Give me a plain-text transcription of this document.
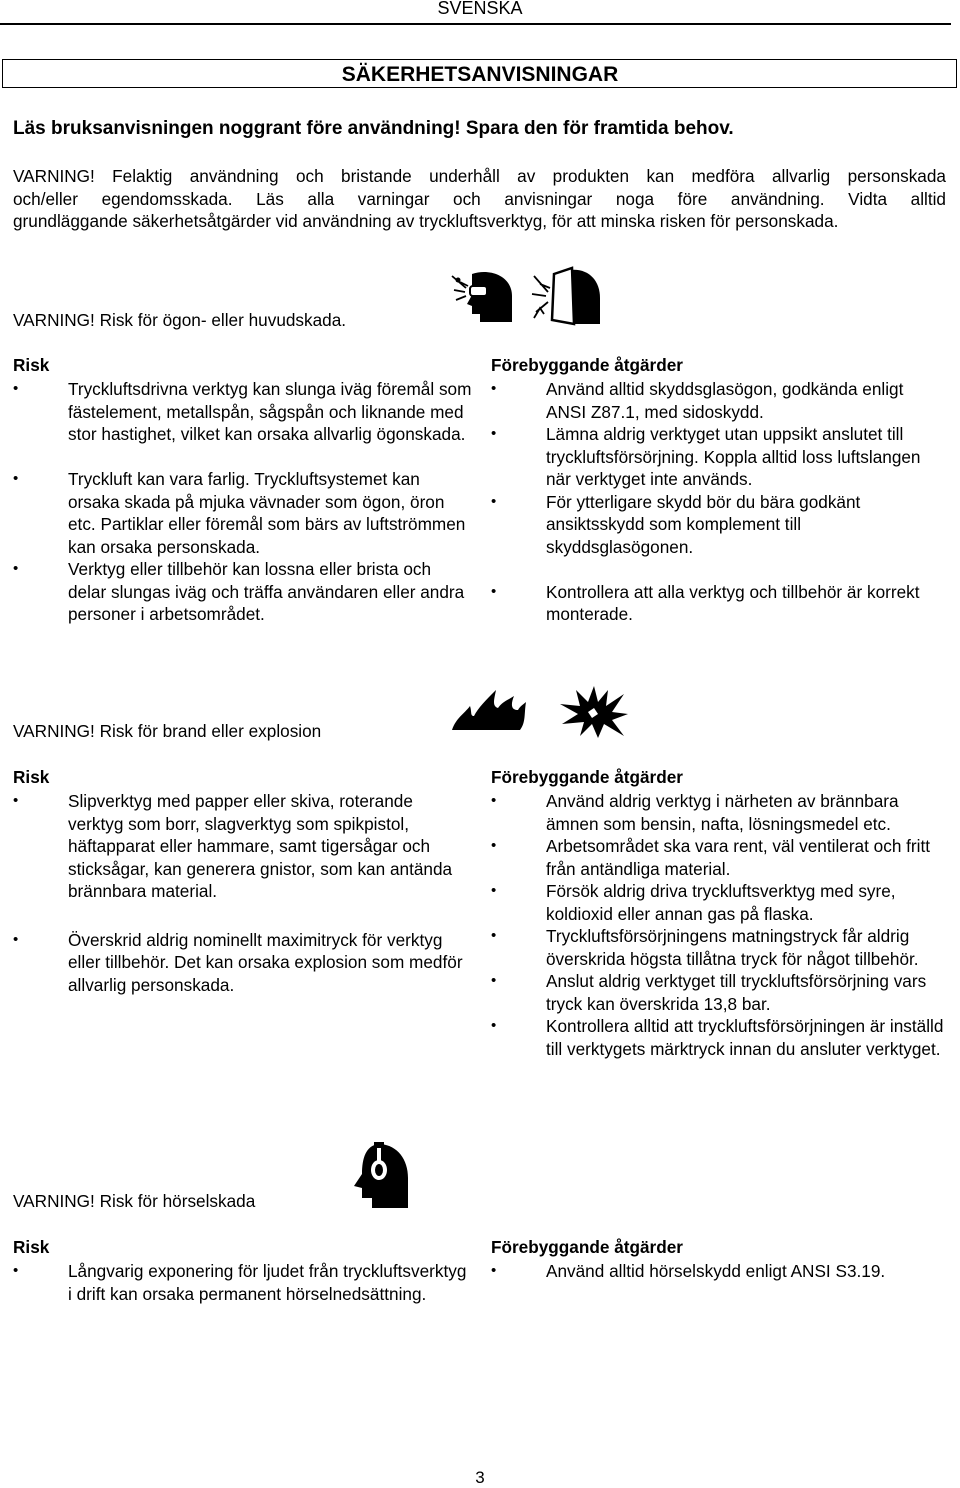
SVENSKA
SÄKERHETSANVISNINGAR
Läs bruksanvisningen noggrant före användning! Spara den för framtida behov.
VARNING! Felaktig användning och bristande underhåll av produkten kan medföra allvarlig personskada
och/eller egendomsskada. Läs alla varningar och anvisningar noga före användning. Vidta alltid
grundläggande säkerhetsåtgärder vid användning av tryckluftsverktyg, för att minska risken för personskada.
VARNING! Risk för ögon- eller huvudskada.
Risk	Förebyggande åtgärder
• Tryckluftsdrivna verktyg kan slunga iväg föremål som fästelement, metallspån, sågspån och liknande med stor hastighet, vilket kan orsaka allvarlig ögonskada.
• Tryckluft kan vara farlig. Tryckluftsystemet kan orsaka skada på mjuka vävnader som ögon, öron etc. Partiklar eller föremål som bärs av luftströmmen kan orsaka personskada.
• Verktyg eller tillbehör kan lossna eller brista och delar slungas iväg och träffa användaren eller andra personer i arbetsområdet.
• Använd alltid skyddsglasögon, godkända enligt ANSI Z87.1, med sidoskydd.
• Lämna aldrig verktyget utan uppsikt anslutet till tryckluftsförsörjning. Koppla alltid loss luftslangen när verktyget inte används.
• För ytterligare skydd bör du bära godkänt ansiktsskydd som komplement till skyddsglasögonen.
• Kontrollera att alla verktyg och tillbehör är korrekt monterade.
VARNING! Risk för brand eller explosion
Risk	Förebyggande åtgärder
• Slipverktyg med papper eller skiva, roterande verktyg som borr, slagverktyg som spikpistol, häftapparat eller hammare, samt tigersågar och sticksågar, kan generera gnistor, som kan antända brännbara material.
• Överskrid aldrig nominellt maximitryck för verktyg eller tillbehör. Det kan orsaka explosion som medför allvarlig personskada.
• Använd aldrig verktyg i närheten av brännbara ämnen som bensin, nafta, lösningsmedel etc.
• Arbetsområdet ska vara rent, väl ventilerat och fritt från antändliga material.
• Försök aldrig driva tryckluftsverktyg med syre, koldioxid eller annan gas på flaska.
• Tryckluftsförsörjningens matningstryck får aldrig överskrida högsta tillåtna tryck för något tillbehör.
• Anslut aldrig verktyget till tryckluftsförsörjning vars tryck kan överskrida 13,8 bar.
• Kontrollera alltid att tryckluftsförsörjningen är inställd till verktygets märktryck innan du ansluter verktyget.
VARNING! Risk för hörselskada
Risk	Förebyggande åtgärder
• Långvarig exponering för ljudet från tryckluftsverktyg i drift kan orsaka permanent hörselnedsättning.
• Använd alltid hörselskydd enligt ANSI S3.19.
3
